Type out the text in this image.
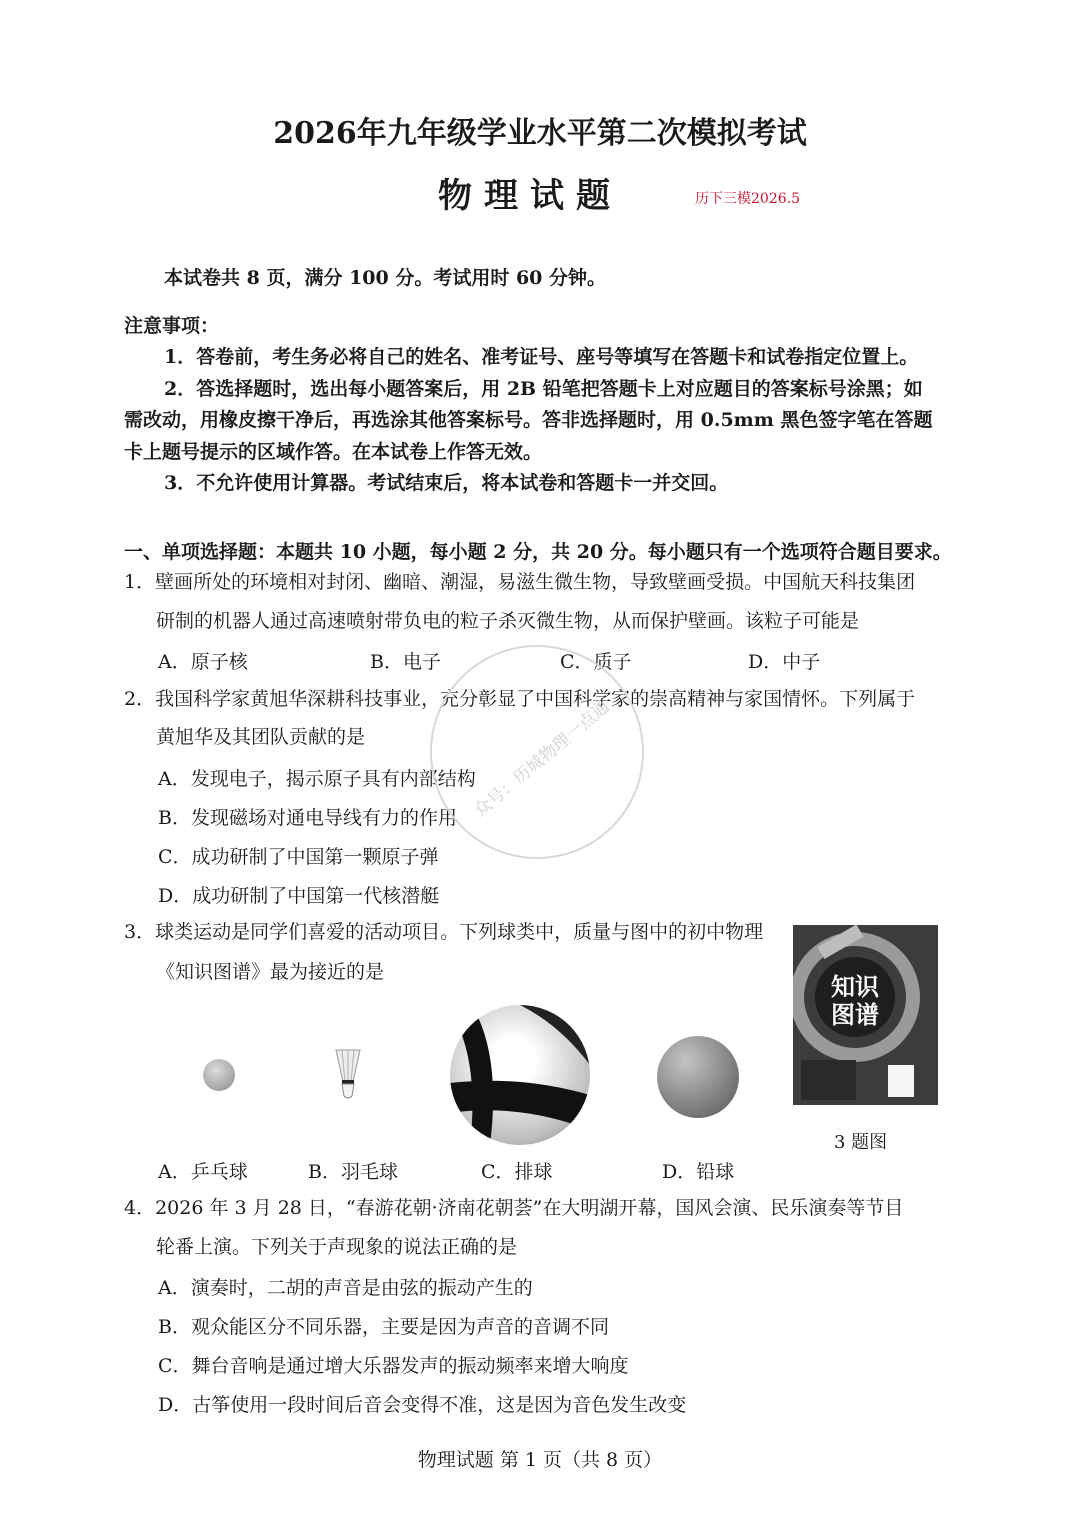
2026年九年级学业水平第二次模拟考试
物理试题	历下三模2026.5
本试卷共 8 页，满分 100 分。考试用时 60 分钟。
注意事项：
1．答卷前，考生务必将自己的姓名、准考证号、座号等填写在答题卡和试卷指定位置上。
2．答选择题时，选出每小题答案后，用 2B 铅笔把答题卡上对应题目的答案标号涂黑；如
需改动，用橡皮擦干净后，再选涂其他答案标号。答非选择题时，用 0.5mm 黑色签字笔在答题
卡上题号提示的区域作答。在本试卷上作答无效。
3．不允许使用计算器。考试结束后，将本试卷和答题卡一并交回。
一、单项选择题：本题共 10 小题，每小题 2 分，共 20 分。每小题只有一个选项符合题目要求。
1．壁画所处的环境相对封闭、幽暗、潮湿，易滋生微生物，导致壁画受损。中国航天科技集团
研制的机器人通过高速喷射带负电的粒子杀灭微生物，从而保护壁画。该粒子可能是
A．原子核	B．电子	C．质子	D．中子
2．我国科学家黄旭华深耕科技事业，充分彰显了中国科学家的崇高精神与家国情怀。下列属于
黄旭华及其团队贡献的是
A．发现电子，揭示原子具有内部结构
B．发现磁场对通电导线有力的作用
C．成功研制了中国第一颗原子弹
D．成功研制了中国第一代核潜艇
众号：历城物理一点通
3．球类运动是同学们喜爱的活动项目。下列球类中，质量与图中的初中物理
《知识图谱》最为接近的是	知识图谱
3 题图
A．乒乓球	B．羽毛球	C．排球	D．铅球
4．2026 年 3 月 28 日，“春游花朝·济南花朝荟”在大明湖开幕，国风会演、民乐演奏等节目
轮番上演。下列关于声现象的说法正确的是
A．演奏时，二胡的声音是由弦的振动产生的
B．观众能区分不同乐器，主要是因为声音的音调不同
C．舞台音响是通过增大乐器发声的振动频率来增大响度
D．古筝使用一段时间后音会变得不准，这是因为音色发生改变
物理试题 第 1 页（共 8 页）
